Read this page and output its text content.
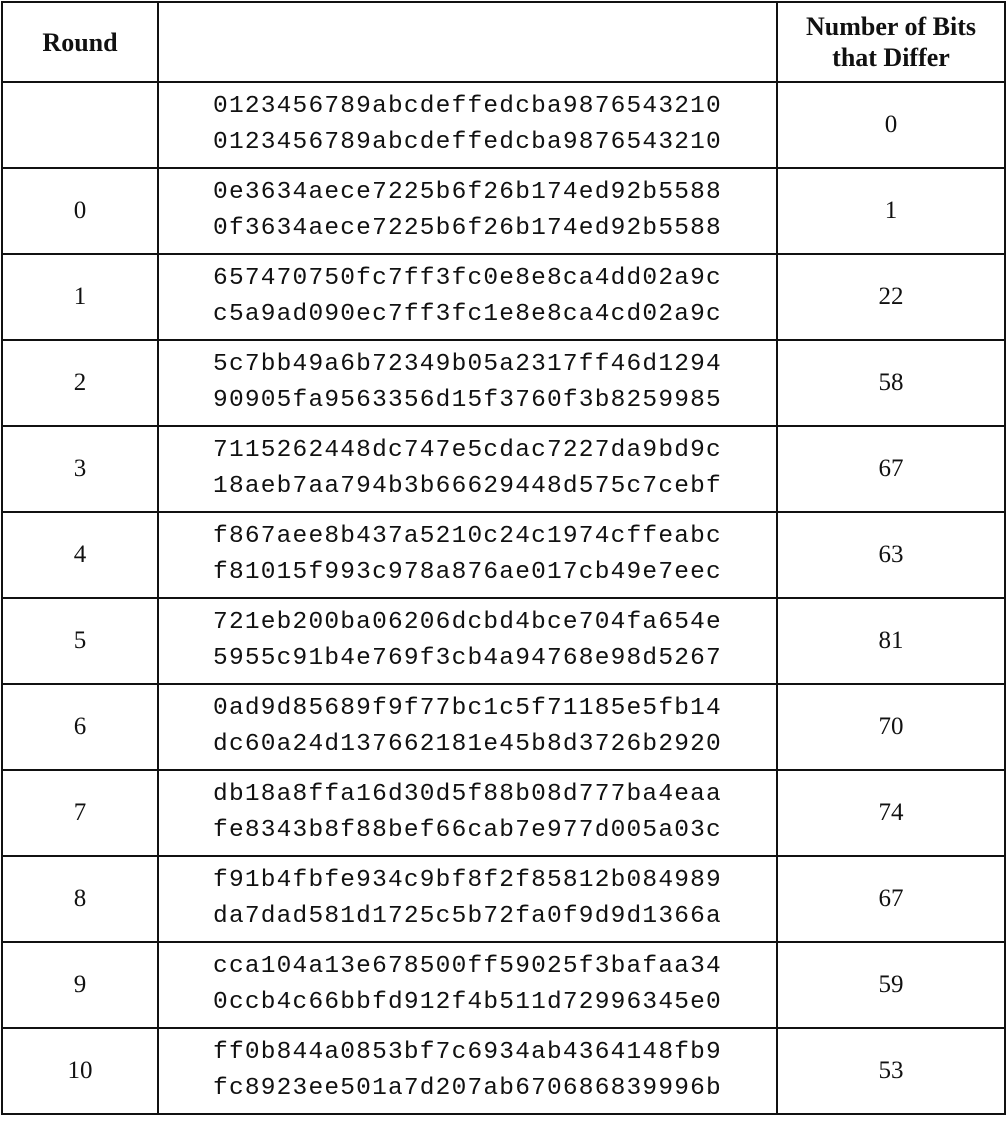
Round		Number of Bits
that Differ

	0123456789abcdeffedcba9876543210
0123456789abcdeffedcba9876543210	0
0	0e3634aece7225b6f26b174ed92b5588
0f3634aece7225b6f26b174ed92b5588	1
1	657470750fc7ff3fc0e8e8ca4dd02a9c
c5a9ad090ec7ff3fc1e8e8ca4cd02a9c	22
2	5c7bb49a6b72349b05a2317ff46d1294
90905fa9563356d15f3760f3b8259985	58
3	7115262448dc747e5cdac7227da9bd9c
18aeb7aa794b3b66629448d575c7cebf	67
4	f867aee8b437a5210c24c1974cffeabc
f81015f993c978a876ae017cb49e7eec	63
5	721eb200ba06206dcbd4bce704fa654e
5955c91b4e769f3cb4a94768e98d5267	81
6	0ad9d85689f9f77bc1c5f71185e5fb14
dc60a24d137662181e45b8d3726b2920	70
7	db18a8ffa16d30d5f88b08d777ba4eaa
fe8343b8f88bef66cab7e977d005a03c	74
8	f91b4fbfe934c9bf8f2f85812b084989
da7dad581d1725c5b72fa0f9d9d1366a	67
9	cca104a13e678500ff59025f3bafaa34
0ccb4c66bbfd912f4b511d72996345e0	59
10	ff0b844a0853bf7c6934ab4364148fb9
fc8923ee501a7d207ab670686839996b	53
